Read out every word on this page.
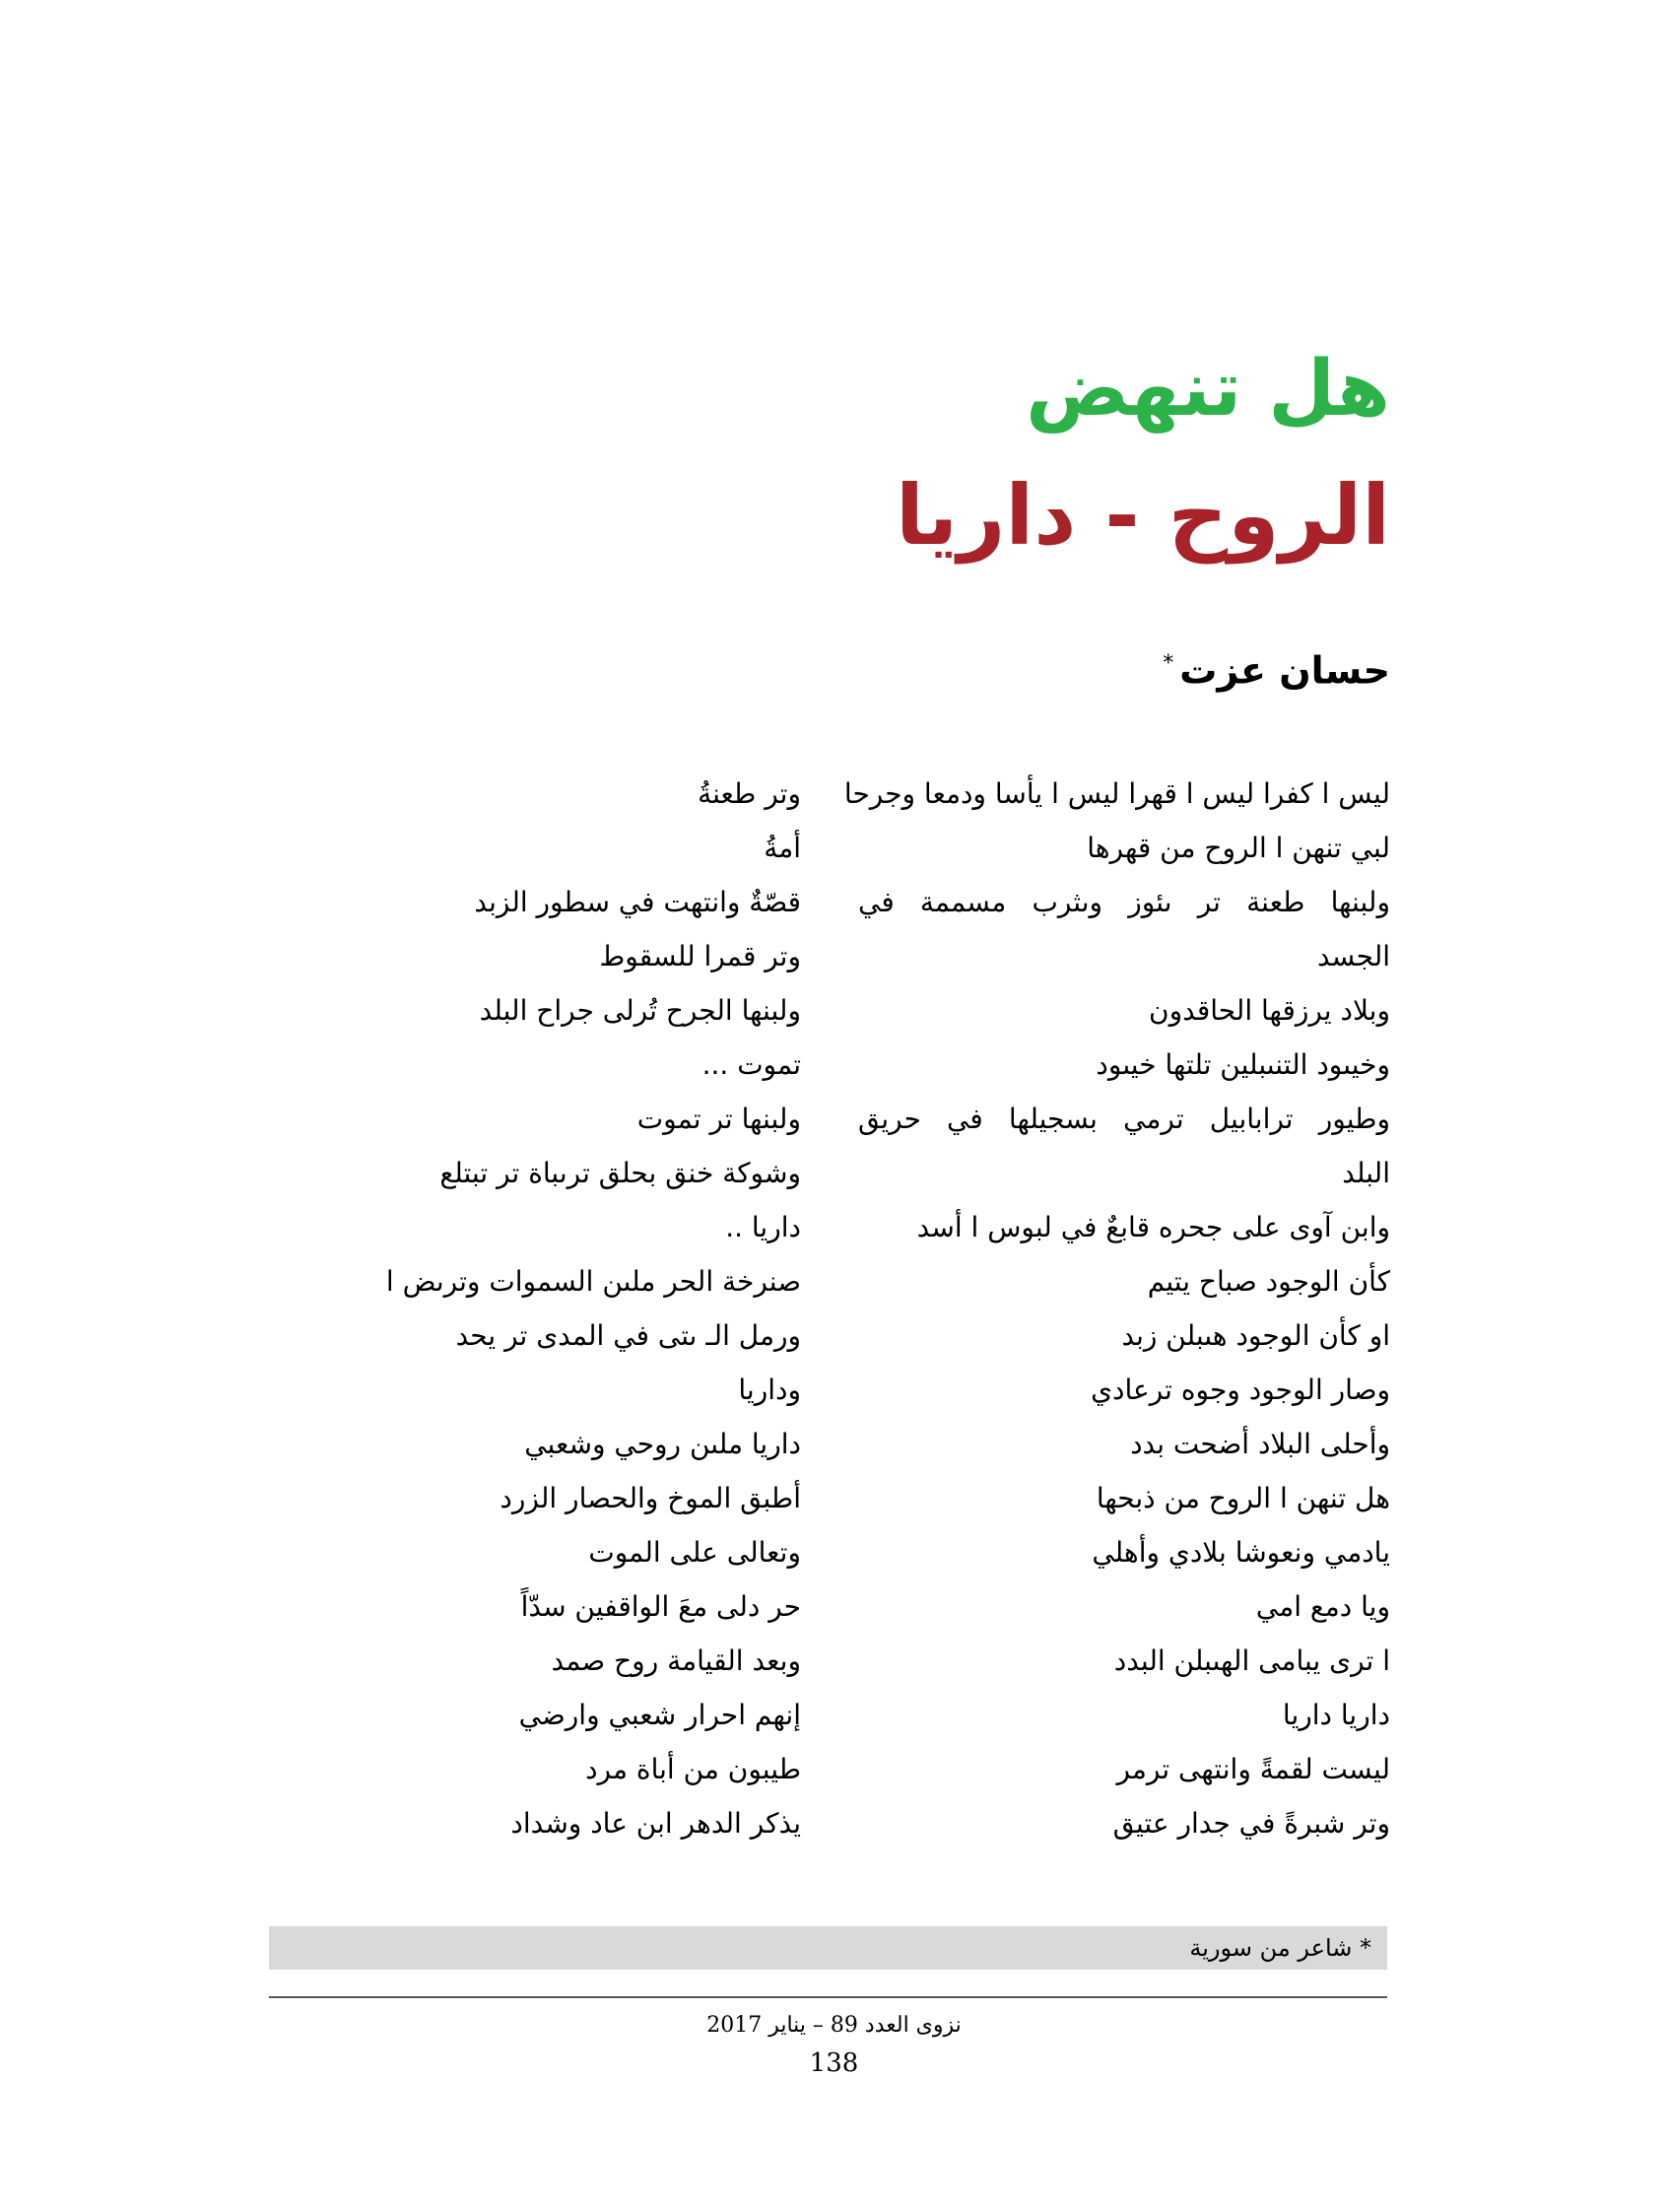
هل تنهض
الروح - داريا
حسان عزت*
ليس ا كفرا ليس ا قهرا ليس ا يأسا ودمعا وجرحا
لبي تنهن ا الروح من قهرها
ولبنها طعنة تر ىئوز وىثرب مسممة في
الجسد
وبلاد يرزقها الحاقدون
وخيىود التنىبلين تلتها خيىود
وطيور ترابابيل ترمي بسجيلها في حريق
البلد
وابن آوى على جحره قابعٌ في لبوس ا أسد
كأن الوجود صباح يتيم
او كأن الوجود هىبلن زبد
وصار الوجود وجوه ترعادي
وأحلى البلاد أضحت بدد
هل تنهن ا الروح من ذبحها
يادمي ونعوشا بلادي وأهلي
ويا دمع امي
ا ترى يبامى الهىبلن البدد
داريا داريا
ليست لقمةً وانتهى ترمر
وتر شبرةً في جدار عتيق
وتر طعنةُ
أمةُ
قصّةٌ وانتهت في سطور الزبد
وتر قمرا للسقوط
ولبنها الجرح تُرلى جراح البلد
تموت ...
ولبنها تر تموت
وشوكة خنق بحلق ترىباة تر تبتلع
داريا ..
صنرخة الحر ملىن السموات وترىض ا
ورمل الـ ىتى في المدى تر يحد
وداريا
داريا ملىن روحي وشعبي
أطبق الموخ والحصار الزرد
وتعالى على الموت
حر دلى معَ الواقفين سدّاً
وبعد القيامة روح صمد
إنهم احرار شعبي وارضي
طيبون من أباة مرد
يذكر الدهر ابن عاد وشداد
* شاعر من سورية
نزوى العدد 89 – يناير 2017
138
